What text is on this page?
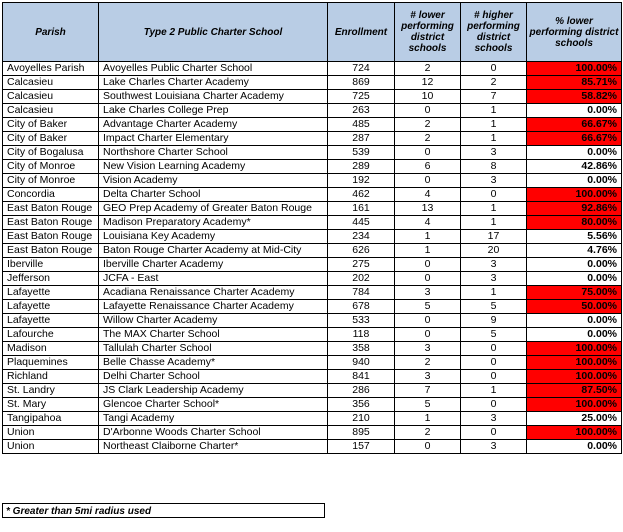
Parish	Type 2 Public Charter School	Enrollment	# lower performing district schools	# higher performing district schools	% lower performing district schools
Avoyelles Parish	Avoyelles Public Charter School	724	2	0	100.00%
Calcasieu	Lake Charles Charter Academy	869	12	2	85.71%
Calcasieu	Southwest Louisiana Charter Academy	725	10	7	58.82%
Calcasieu	Lake Charles College Prep	263	0	1	0.00%
City of Baker	Advantage Charter Academy	485	2	1	66.67%
City of Baker	Impact Charter Elementary	287	2	1	66.67%
City of Bogalusa	Northshore Charter School	539	0	3	0.00%
City of Monroe	New Vision Learning Academy	289	6	8	42.86%
City of Monroe	Vision Academy	192	0	3	0.00%
Concordia	Delta Charter School	462	4	0	100.00%
East Baton Rouge	GEO Prep Academy of Greater Baton Rouge	161	13	1	92.86%
East Baton Rouge	Madison Preparatory Academy*	445	4	1	80.00%
East Baton Rouge	Louisiana Key Academy	234	1	17	5.56%
East Baton Rouge	Baton Rouge Charter Academy at Mid-City	626	1	20	4.76%
Iberville	Iberville Charter Academy	275	0	3	0.00%
Jefferson	JCFA - East	202	0	3	0.00%
Lafayette	Acadiana Renaissance Charter Academy	784	3	1	75.00%
Lafayette	Lafayette Renaissance Charter Academy	678	5	5	50.00%
Lafayette	Willow Charter Academy	533	0	9	0.00%
Lafourche	The MAX Charter School	118	0	5	0.00%
Madison	Tallulah Charter School	358	3	0	100.00%
Plaquemines	Belle Chasse Academy*	940	2	0	100.00%
Richland	Delhi Charter School	841	3	0	100.00%
St. Landry	JS Clark Leadership Academy	286	7	1	87.50%
St. Mary	Glencoe Charter School*	356	5	0	100.00%
Tangipahoa	Tangi Academy	210	1	3	25.00%
Union	D'Arbonne Woods Charter School	895	2	0	100.00%
Union	Northeast Claiborne Charter*	157	0	3	0.00%
* Greater than 5mi radius used
